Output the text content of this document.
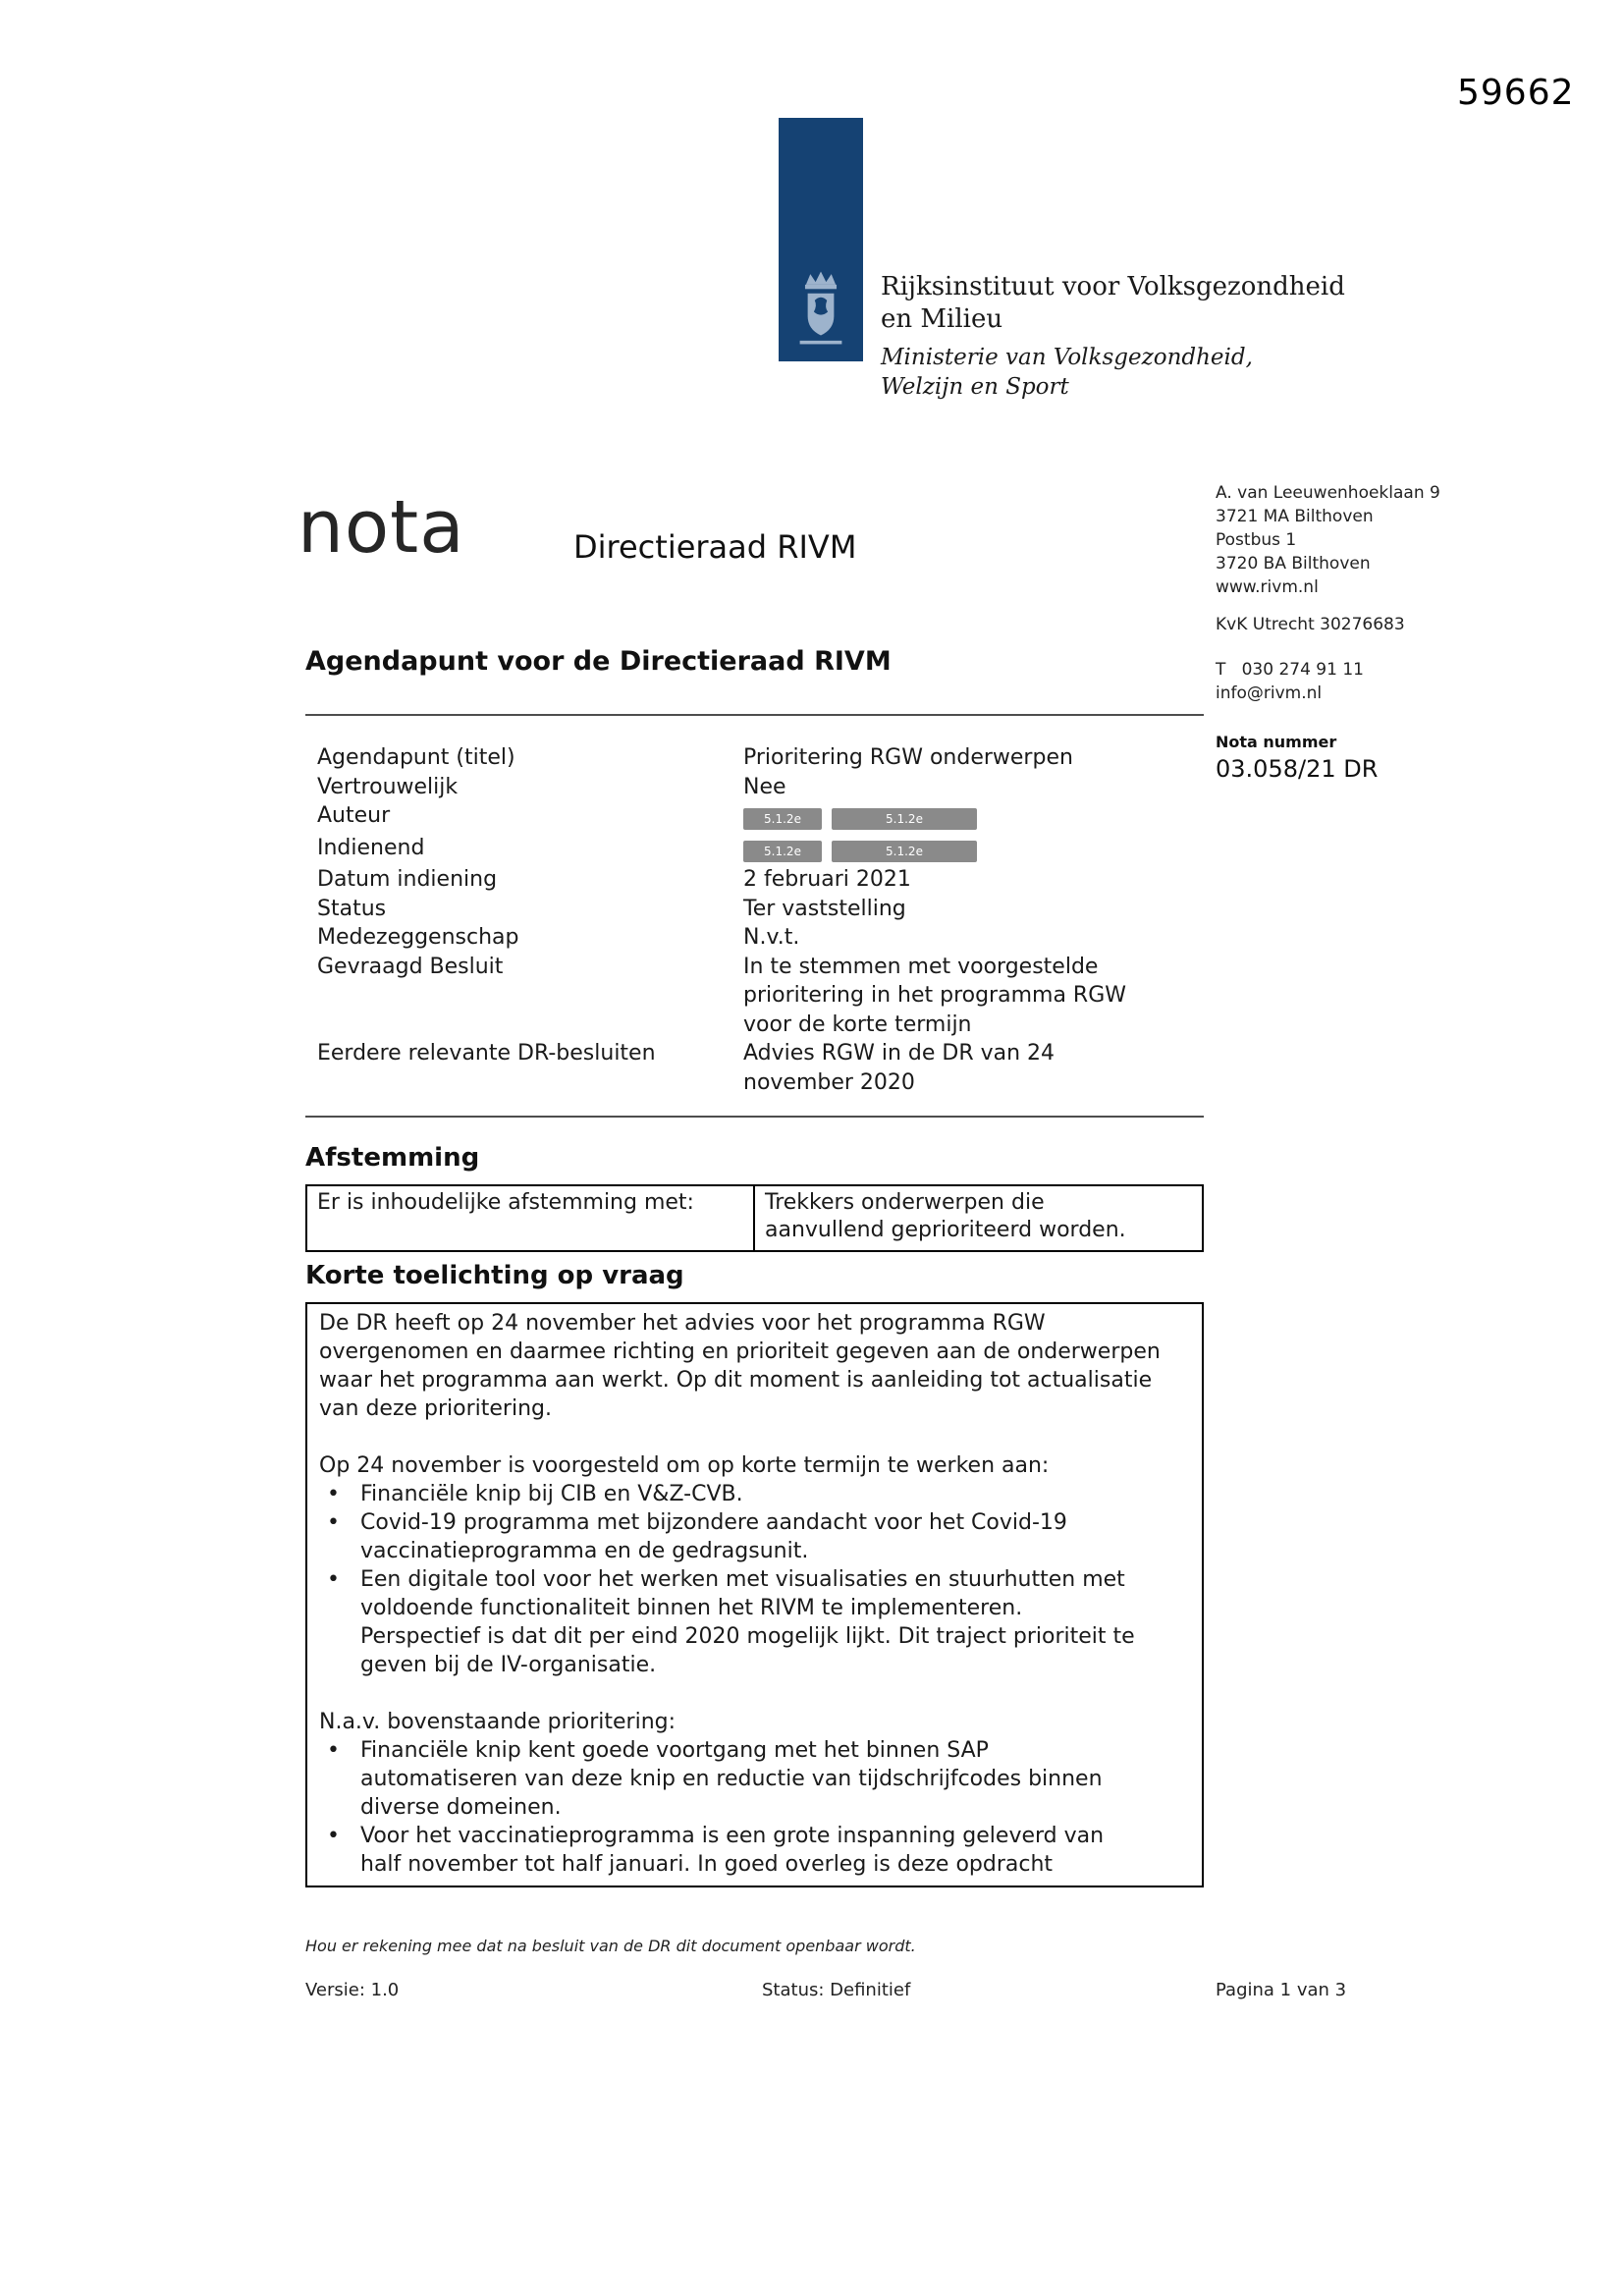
59662
Rijksinstituut voor Volksgezondheid
en Milieu
Ministerie van Volksgezondheid,
Welzijn en Sport
nota	Directieraad RIVM
A. van Leeuwenhoeklaan 9
3721 MA Bilthoven
Postbus 1
3720 BA Bilthoven
www.rivm.nl
KvK Utrecht 30276683
T   030 274 91 11
info@rivm.nl
Nota nummer
03.058/21 DR
Agendapunt voor de Directieraad RIVM
Agendapunt (titel)	Prioritering RGW onderwerpen
Vertrouwelijk	Nee
Auteur	5.1.2e	5.1.2e
Indienend	5.1.2e	5.1.2e
Datum indiening	2 februari 2021
Status	Ter vaststelling
Medezeggenschap	N.v.t.
Gevraagd Besluit	In te stemmen met voorgestelde prioritering in het programma RGW voor de korte termijn
Eerdere relevante DR-besluiten	Advies RGW in de DR van 24 november 2020
Afstemming
Er is inhoudelijke afstemming met:	Trekkers onderwerpen die aanvullend geprioriteerd worden.
Korte toelichting op vraag
De DR heeft op 24 november het advies voor het programma RGW overgenomen en daarmee richting en prioriteit gegeven aan de onderwerpen waar het programma aan werkt. Op dit moment is aanleiding tot actualisatie van deze prioritering.
Op 24 november is voorgesteld om op korte termijn te werken aan:
• Financiële knip bij CIB en V&Z-CVB.
• Covid-19 programma met bijzondere aandacht voor het Covid-19 vaccinatieprogramma en de gedragsunit.
• Een digitale tool voor het werken met visualisaties en stuurhutten met voldoende functionaliteit binnen het RIVM te implementeren. Perspectief is dat dit per eind 2020 mogelijk lijkt. Dit traject prioriteit te geven bij de IV-organisatie.
N.a.v. bovenstaande prioritering:
• Financiële knip kent goede voortgang met het binnen SAP automatiseren van deze knip en reductie van tijdschrijfcodes binnen diverse domeinen.
• Voor het vaccinatieprogramma is een grote inspanning geleverd van half november tot half januari. In goed overleg is deze opdracht
Hou er rekening mee dat na besluit van de DR dit document openbaar wordt.
Versie: 1.0	Status: Definitief	Pagina 1 van 3
